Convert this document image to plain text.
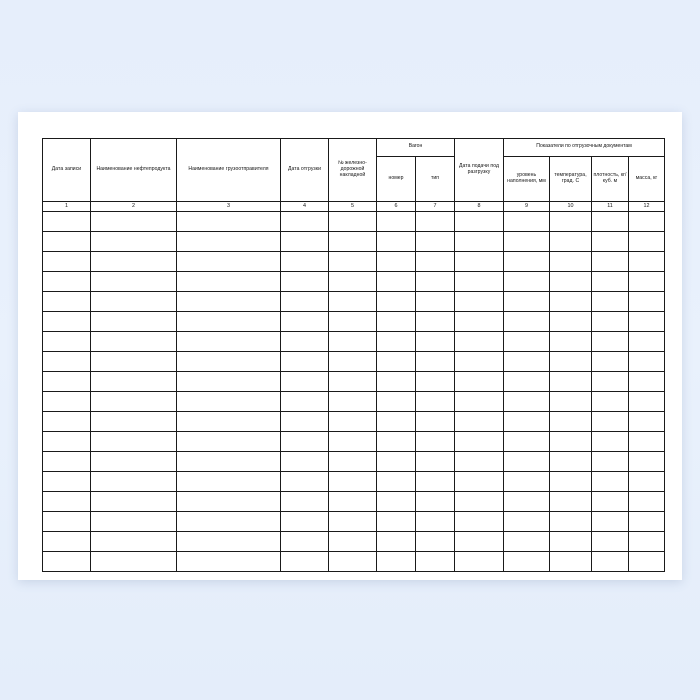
Дата записи	Наименование нефтепродукта	Наименование грузоотправителя	Дата отгрузки	№ железно-дорожной накладной	Вагон		Дата подачи под разгрузку	Показатели по отгрузочным документам			
					номер	тип		уровень наполнения, мм	температура, град. С	плотность, кг/куб. м	масса, кг
1	2	3	4	5	6	7	8	9	10	11	12
